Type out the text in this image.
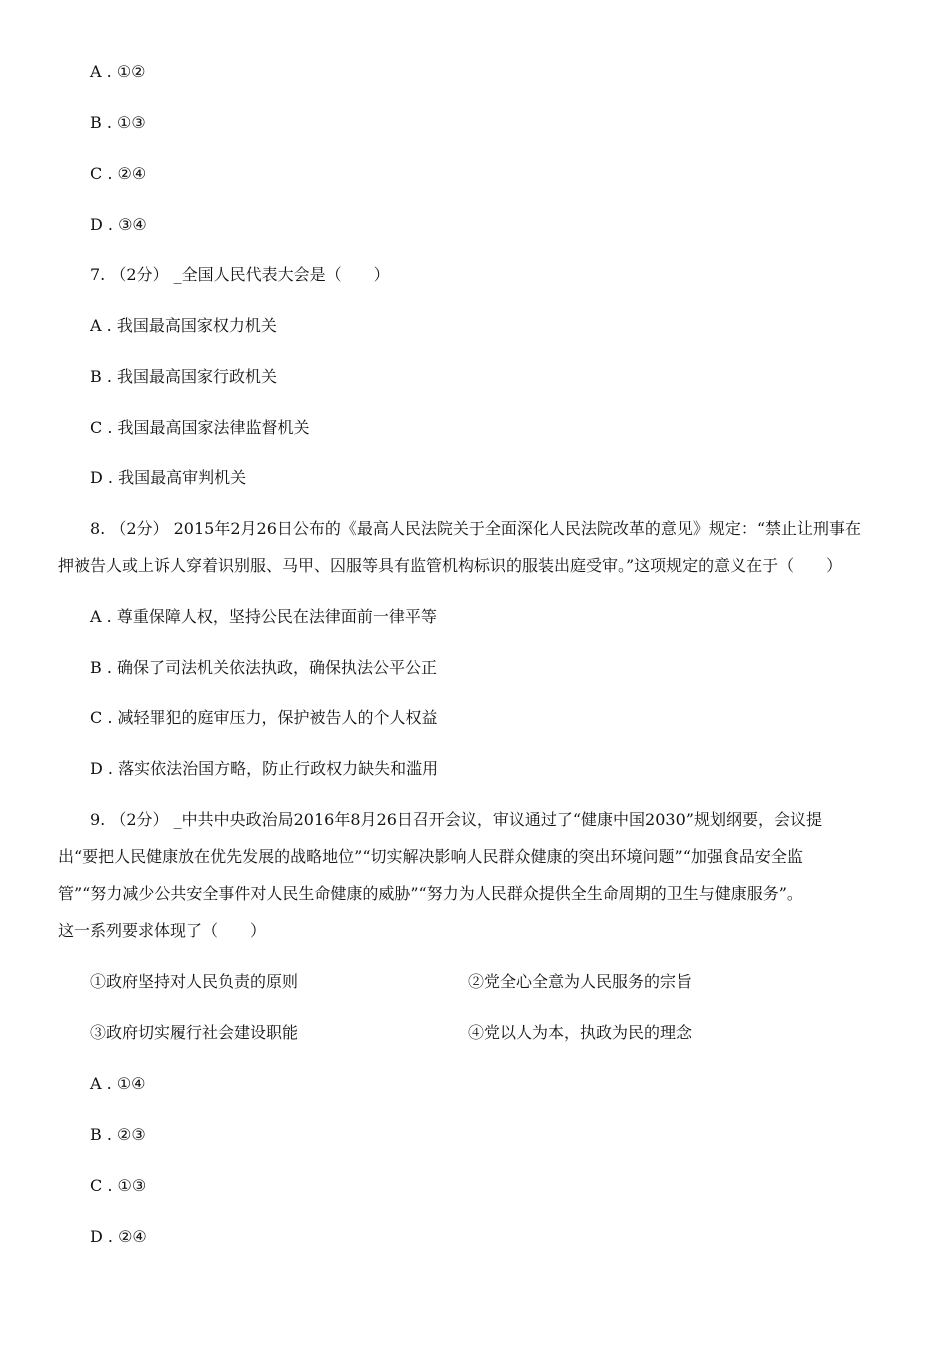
A . ①②
B . ①③
C . ②④
D . ③④
7. （2分） _全国人民代表大会是（　　）
A . 我国最高国家权力机关
B . 我国最高国家行政机关
C . 我国最高国家法律监督机关
D . 我国最高审判机关
8. （2分） 2015年2月26日公布的《最高人民法院关于全面深化人民法院改革的意见》规定：“禁止让刑事在
押被告人或上诉人穿着识别服、马甲、囚服等具有监管机构标识的服装出庭受审。”这项规定的意义在于（　　）
A . 尊重保障人权，坚持公民在法律面前一律平等
B . 确保了司法机关依法执政，确保执法公平公正
C . 减轻罪犯的庭审压力，保护被告人的个人权益
D . 落实依法治国方略，防止行政权力缺失和滥用
9. （2分） _中共中央政治局2016年8月26日召开会议，审议通过了“健康中国2030”规划纲要，会议提
出“要把人民健康放在优先发展的战略地位”“切实解决影响人民群众健康的突出环境问题”“加强食品安全监
管”“努力减少公共安全事件对人民生命健康的威胁”“努力为人民群众提供全生命周期的卫生与健康服务”。
这一系列要求体现了（　　）
①政府坚持对人民负责的原则	②党全心全意为人民服务的宗旨
③政府切实履行社会建设职能	④党以人为本，执政为民的理念
A . ①④
B . ②③
C . ①③
D . ②④
